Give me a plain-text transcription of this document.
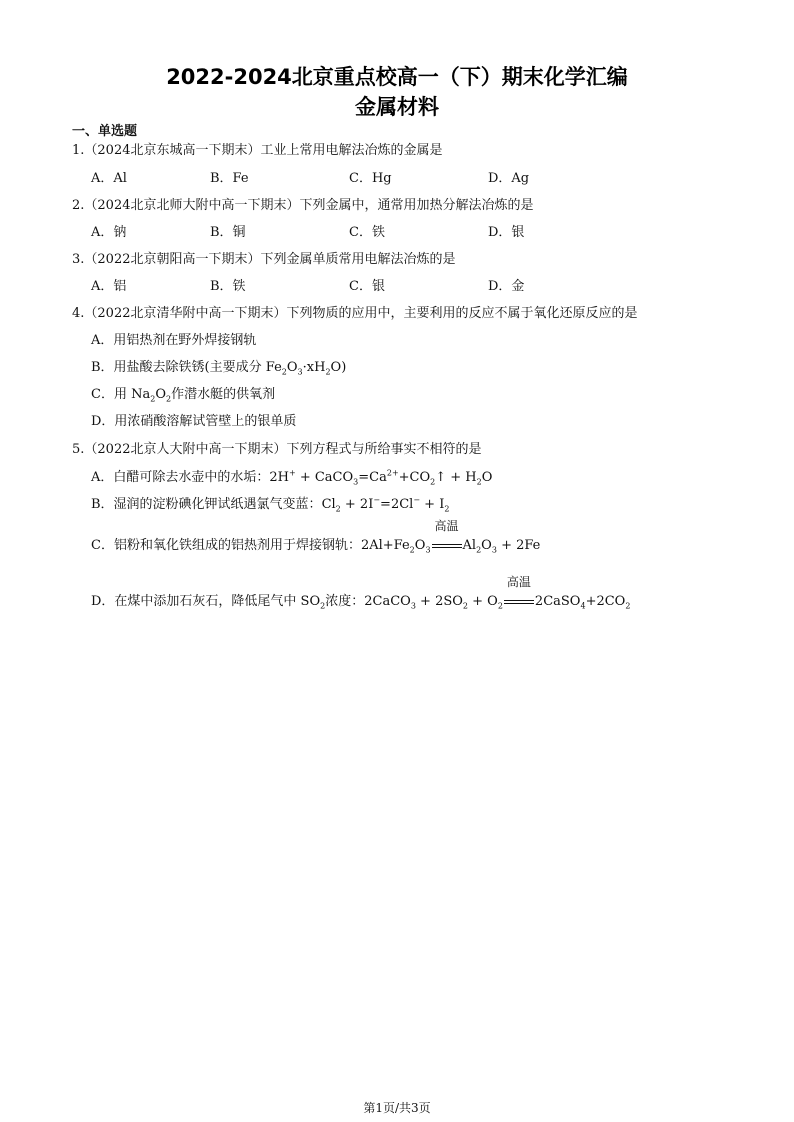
2022-2024北京重点校高一（下）期末化学汇编
金属材料
一、单选题
1.（2024北京东城高一下期末）工业上常用电解法冶炼的金属是
A．Al	B．Fe	C．Hg	D．Ag
2.（2024北京北师大附中高一下期末）下列金属中，通常用加热分解法冶炼的是
A．钠	B．铜	C．铁	D．银
3.（2022北京朝阳高一下期末）下列金属单质常用电解法冶炼的是
A．铝	B．铁	C．银	D．金
4.（2022北京清华附中高一下期末）下列物质的应用中，主要利用的反应不属于氧化还原反应的是
A．用铝热剂在野外焊接钢轨
B．用盐酸去除铁锈(主要成分 $Fe_2O_3\cdot xH_2O$)
C．用 $Na_2O_2$作潜水艇的供氧剂
D．用浓硝酸溶解试管壁上的银单质
5.（2022北京人大附中高一下期末）下列方程式与所给事实不相符的是
A．白醋可除去水壶中的水垢：$2H^+ + CaCO_3=Ca^{2+}+CO_2↑ + H_2O$
B．湿润的淀粉碘化钾试纸遇氯气变蓝：$Cl_2 + 2I^-=2Cl^- + I_2$
C．铝粉和氧化铁组成的铝热剂用于焊接钢轨：$2Al+Fe_2O_3$
高温
$Al_2O_3 + 2Fe$
D．在煤中添加石灰石，降低尾气中 $SO_2$浓度：2CaCO$_3$ + $2SO_2 + O_2$
高温
$2CaSO_4+2CO_2$
第1页/共3页
